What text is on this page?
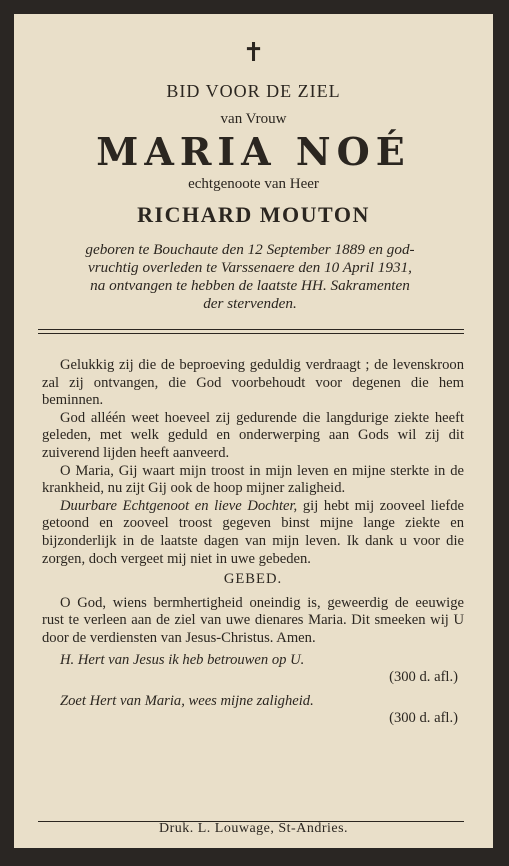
✝
BID VOOR DE ZIEL
van Vrouw
MARIA NOÉ
echtgenoote van Heer
RICHARD MOUTON
geboren te Bouchaute den 12 September 1889 en god-
vruchtig overleden te Varssenaere den 10 April 1931,
na ontvangen te hebben de laatste HH. Sakramenten
der stervenden.

Gelukkig zij die de beproeving geduldig verdraagt ; de levenskroon zal zij ontvangen, die God voorbehoudt voor degenen die hem beminnen.

God alléén weet hoeveel zij gedurende die langdurige ziekte heeft geleden, met welk geduld en onderwerping aan Gods wil zij dit zuiverend lijden heeft aanveerd.

O Maria, Gij waart mijn troost in mijn leven en mijne sterkte in de krankheid, nu zijt Gij ook de hoop mijner zaligheid.

Duurbare Echtgenoot en lieve Dochter, gij hebt mij zooveel liefde getoond en zooveel troost gegeven binst mijne lange ziekte en bijzonderlijk in de laatste dagen van mijn leven. Ik dank u voor die zorgen, doch vergeet mij niet in uwe gebeden.

GEBED.

O God, wiens bermhertigheid oneindig is, geweerdig de eeuwige rust te verleen aan de ziel van uwe dienares Maria. Dit smeeken wij U door de verdiensten van Jesus-Christus. Amen.

H. Hert van Jesus ik heb betrouwen op U.

(300 d. afl.)

Zoet Hert van Maria, wees mijne zaligheid.

(300 d. afl.)

Druk. L. Louwage, St-Andries.
